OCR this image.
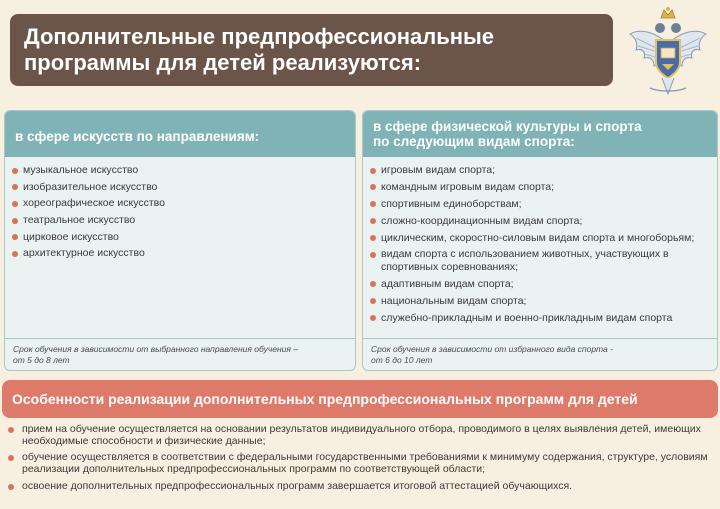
Дополнительные предпрофессиональные
программы для детей реализуются:
в сфере искусств по направлениям:
музыкальное искусство
изобразительное искусство
хореографическое искусство
театральное искусство
цирковое искусство
архитектурное искусство
Срок обучения в зависимости от выбранного направления обучения –
от 5 до 8 лет
в сфере физической культуры и спорта
по следующим видам спорта:
игровым видам спорта;
командным игровым видам спорта;
спортивным единоборствам;
сложно-координационным видам спорта;
циклическим, скоростно-силовым видам спорта и многоборьям;
видам спорта с использованием животных, участвующих в спортивных соревнованиях;
адаптивным видам спорта;
национальным видам спорта;
служебно-прикладным и военно-прикладным видам спорта
Срок обучения в зависимости от избранного вида спорта -
от 6 до 10 лет
Особенности реализации дополнительных предпрофессиональных программ для детей
прием на обучение осуществляется на основании результатов индивидуального отбора, проводимого в целях выявления детей, имеющих необходимые способности и физические данные;
обучение осуществляется в соответствии с федеральными государственными требованиями к минимуму содержания, структуре, условиям реализации дополнительных предпрофессиональных программ по соответствующей области;
освоение дополнительных предпрофессиональных программ завершается итоговой аттестацией обучающихся.
